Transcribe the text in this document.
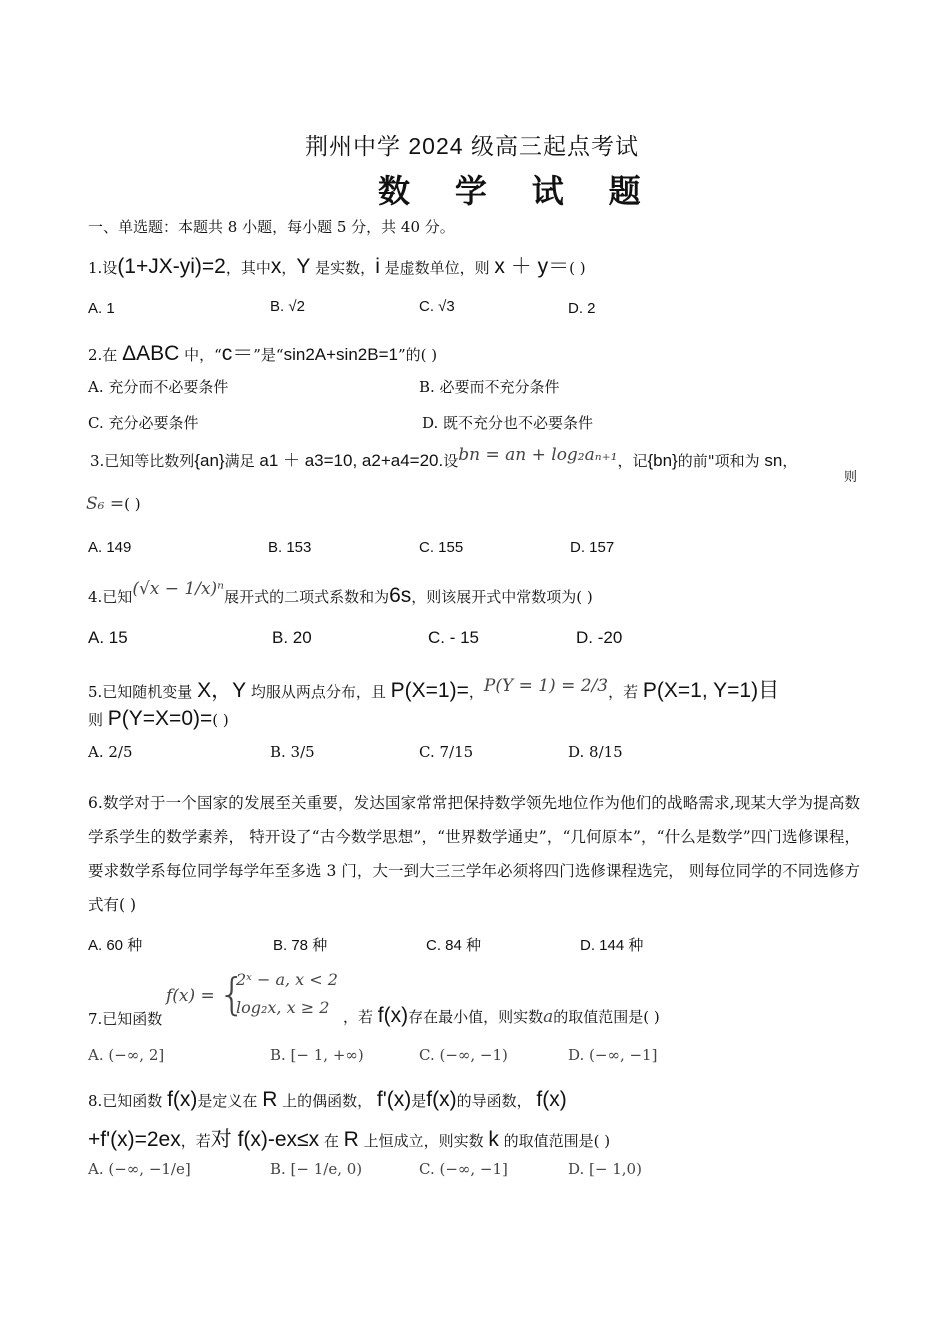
荆州中学 2024 级高三起点考试
数 学 试 题
一、单选题：本题共 8 小题，每小题 5 分，共 40 分。
1.设(1+JX-yi)=2，其中x，Y 是实数，i 是虚数单位，则 x ＋ y＝( )
A. 1	B. √2	C. √3	D. 2
2.在 ΔABC 中，“c＝”是“sin2A+sin2B=1”的( )
A. 充分而不必要条件	B. 必要而不充分条件
C. 充分必要条件	D. 既不充分也不必要条件
3.已知等比数列{an}满足 a1 ＋ a3=10, a2+a4=20.设bn = an + log₂aₙ₊₁，记{bn}的前"项和为 sn，
则
S₆ =( )
A. 149	B. 153	C. 155	D. 157
4.已知(√x − 1/x)ⁿ展开式的二项式系数和为6s，则该展开式中常数项为( )
A. 15	B. 20	C. - 15	D. -20
5.已知随机变量 X，Y 均服从两点分布，且 P(X=1)=，P(Y = 1) = 2/3，若 P(X=1, Y=1)目
则 P(Y=X=0)=( )
A. 2/5	B. 3/5	C. 7/15	D. 8/15
6.数学对于一个国家的发展至关重要，发达国家常常把保持数学领先地位作为他们的战略需求,现某大学为提高数学系学生的数学素养， 特开设了“古今数学思想”，“世界数学通史”，“几何原本”，“什么是数学”四门选修课程，要求数学系每位同学每学年至多选 3 门，大一到大三三学年必须将四门选修课程选完， 则每位同学的不同选修方式有( )
A. 60 种	B. 78 种	C. 84 种	D. 144 种
f(x) = {
2ˣ − a, x < 2
log₂x, x ≥ 2
7.已知函数	，若 f(x)存在最小值，则实数a的取值范围是( )
A. (−∞, 2]	B. [− 1, +∞)	C. (−∞, −1)	D. (−∞, −1]
8.已知函数 f(x)是定义在 R 上的偶函数， f'(x)是f(x)的导函数， f(x)
+f'(x)=2ex，若对 f(x)-ex≤x 在 R 上恒成立，则实数 k 的取值范围是( )
A. (−∞, −1/e]	B. [− 1/e, 0)	C. (−∞, −1]	D. [− 1,0)
